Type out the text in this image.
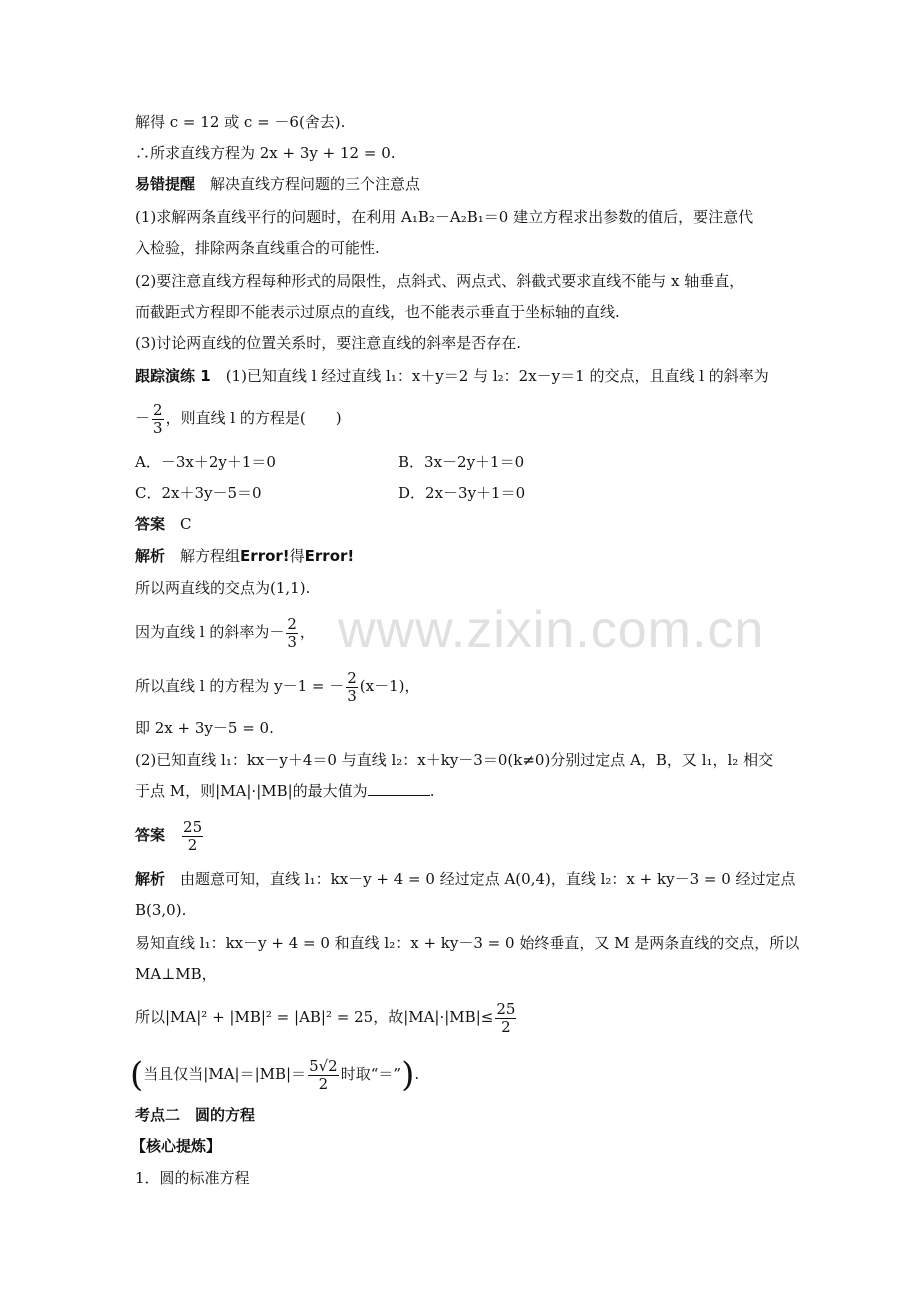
www.zixin.com.cn
解得 c = 12 或 c = －6(舍去).
∴所求直线方程为 2x + 3y + 12 = 0.
易错提醒　 解决直线方程问题的三个注意点
(1)求解两条直线平行的问题时，在利用 A₁B₂－A₂B₁＝0 建立方程求出参数的值后，要注意代
入检验，排除两条直线重合的可能性.
(2)要注意直线方程每种形式的局限性，点斜式、两点式、斜截式要求直线不能与 x 轴垂直，
而截距式方程即不能表示过原点的直线，也不能表示垂直于坐标轴的直线.
(3)讨论两直线的位置关系时，要注意直线的斜率是否存在.
跟踪演练 1　 (1)已知直线 l 经过直线 l₁：x＋y＝2 与 l₂：2x－y＝1 的交点，且直线 l 的斜率为
－ $\frac{2}{3}$ ，则直线 l 的方程是(　　)
A．－3x＋2y＋1＝0	B．3x－2y＋1＝0
C．2x＋3y－5＝0	D．2x－3y＋1＝0
答案　 C
解析　 解方程组Error!得Error!
所以两直线的交点为(1,1).
因为直线 l 的斜率为－ $\frac{2}{3}$ ，
所以直线 l 的方程为 y－1 = － $\frac{2}{3} (x-1)$，
即 2x + 3y－5 = 0.
(2)已知直线 l₁：kx－y＋4＝0 与直线 l₂：x＋ky－3＝0(k≠0)分别过定点 A，B，又 l₁，l₂ 相交
于点 M，则|MA|·|MB|的最大值为	.
答案　 $\frac{25}{2}$
解析　 由题意可知，直线 l₁：kx－y + 4 = 0 经过定点 A(0,4)，直线 l₂：x + ky－3 = 0 经过定点
B(3,0).
易知直线 l₁：kx－y + 4 = 0 和直线 l₂：x + ky－3 = 0 始终垂直，又 M 是两条直线的交点，所以
MA⊥MB，
所以|MA|² + |MB|² = |AB|² = 25，故$|MA|\cdot|MB|\le \frac{25}{2}$
(当且仅当$|MA|=|MB|= \frac{5√2}{2}$ 时取“＝”).
考点二　圆的方程
【核心提炼】
1．圆的标准方程
